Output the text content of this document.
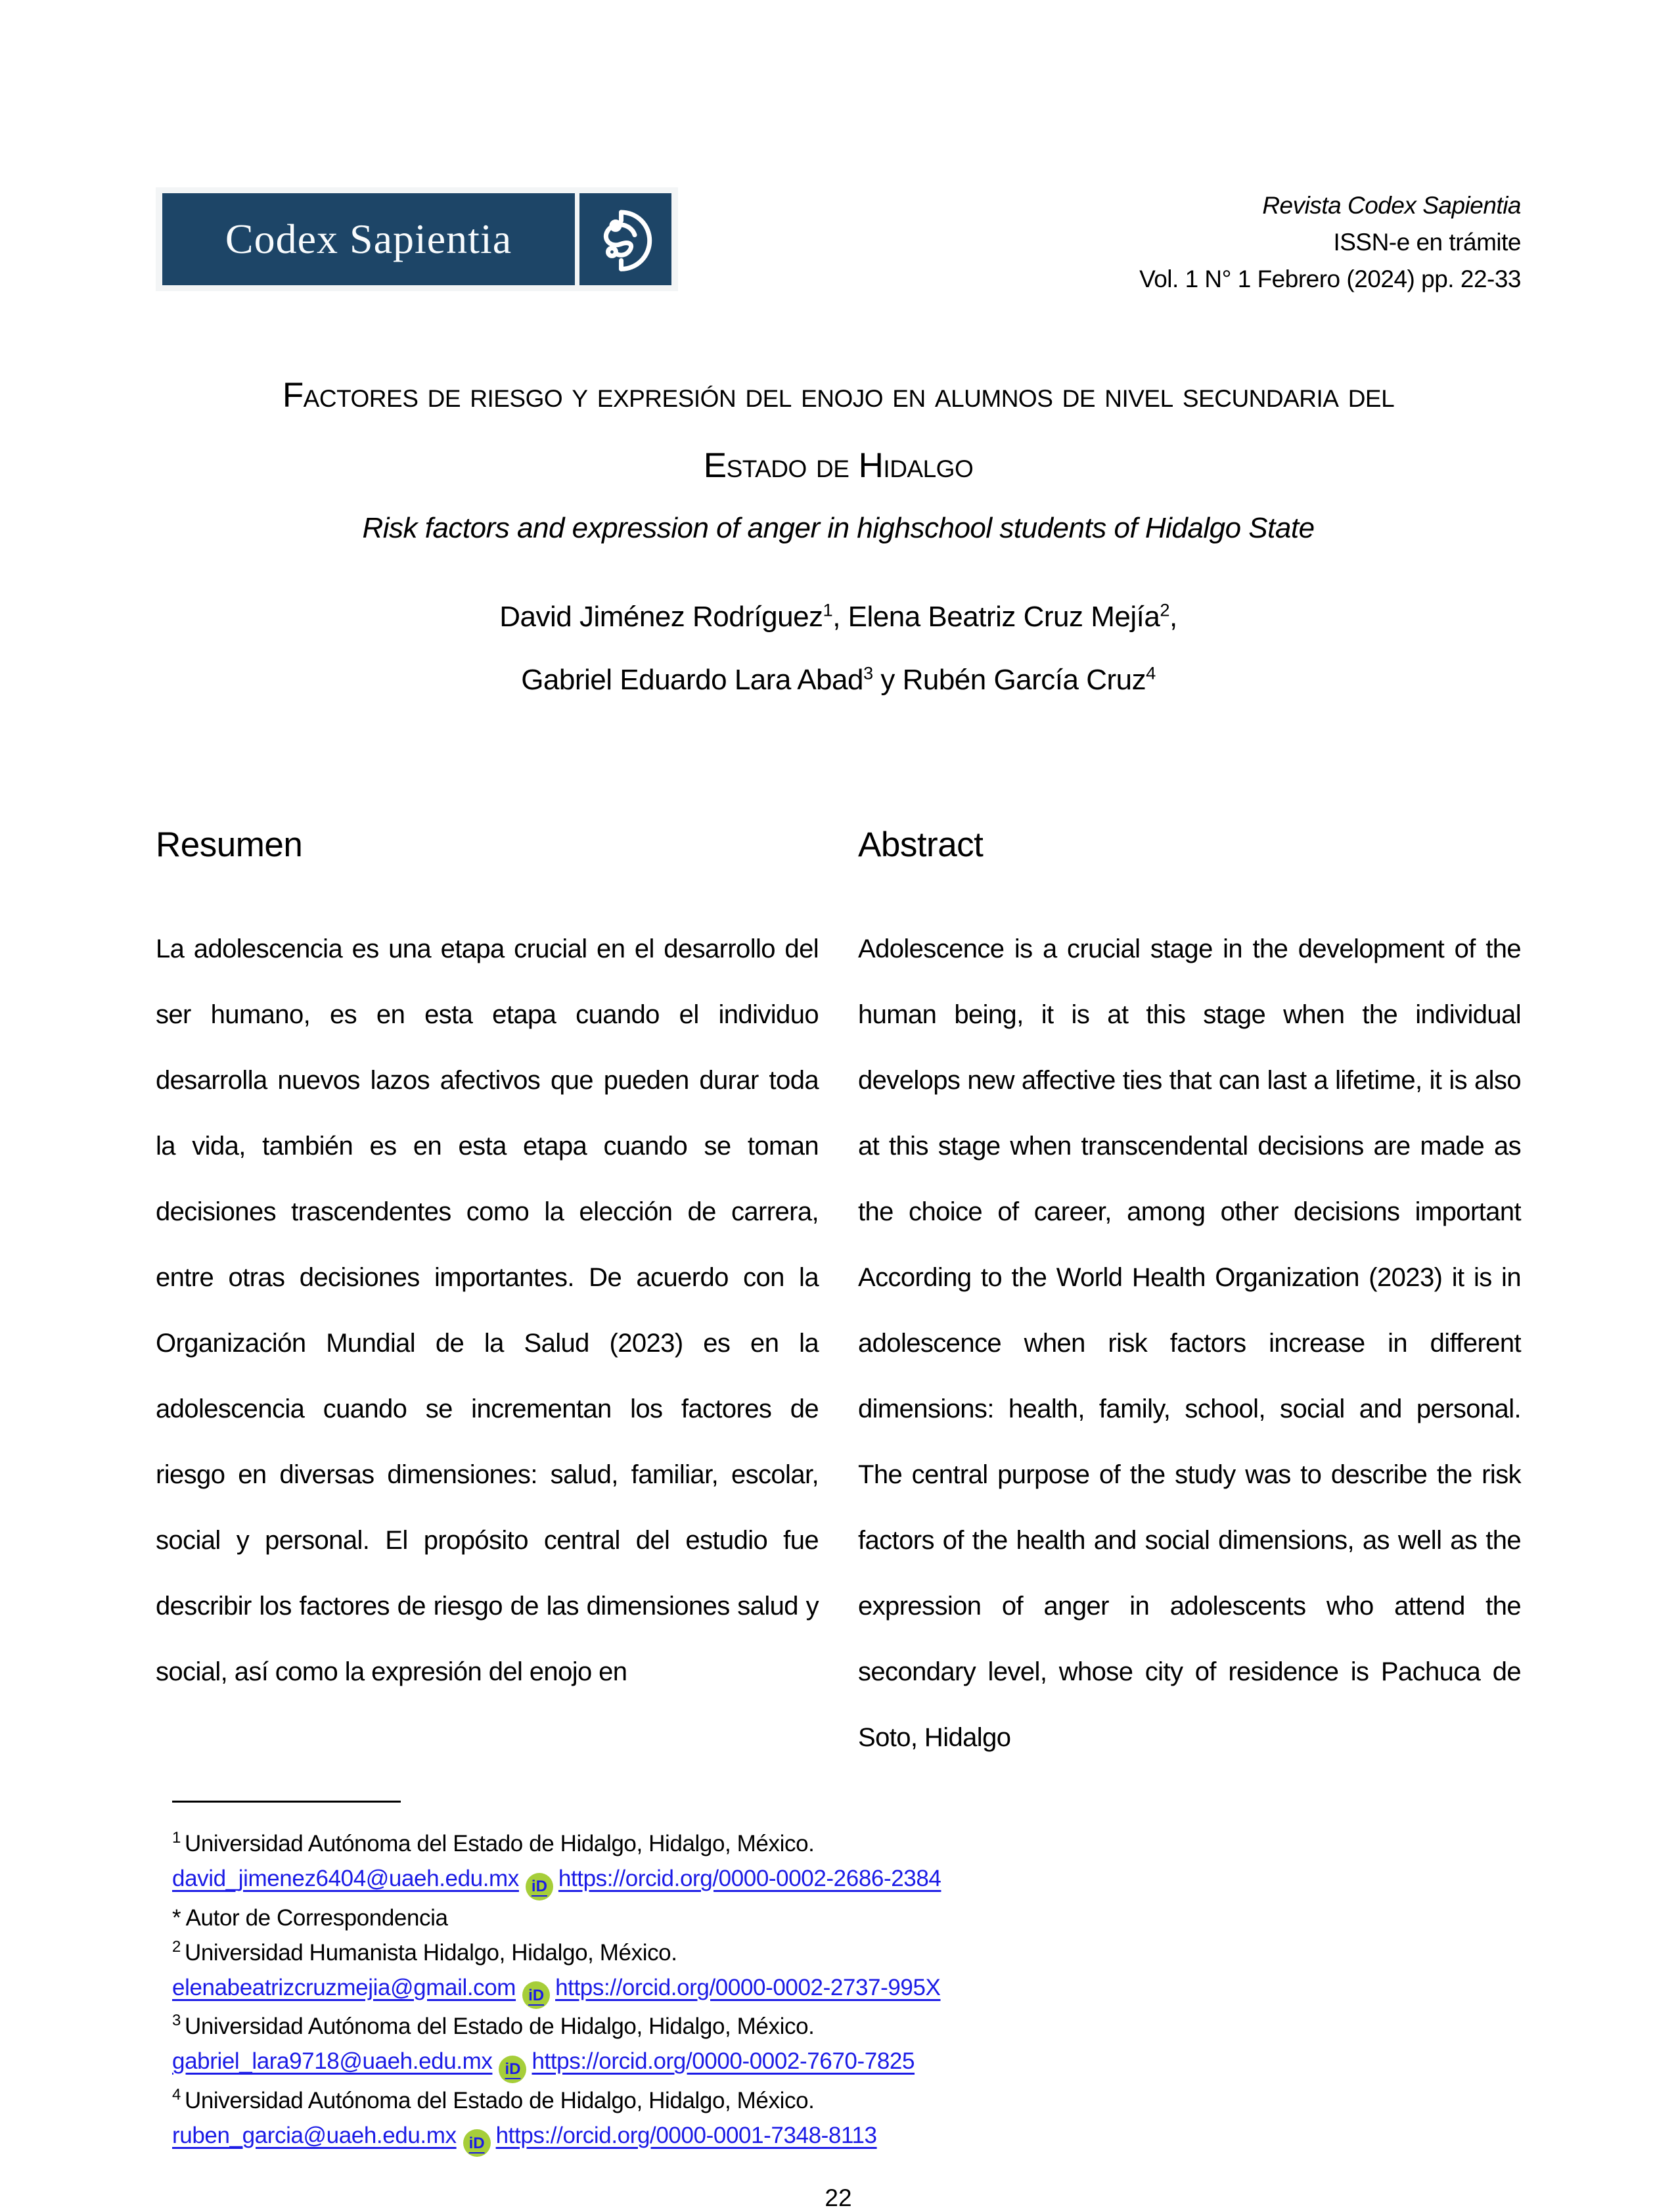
Codex Sapientia
Revista Codex Sapientia
ISSN-e en trámite
Vol. 1 N° 1 Febrero (2024) pp. 22-33
Factores de riesgo y expresión del enojo en alumnos de nivel secundaria del
Estado de Hidalgo
Risk factors and expression of anger in highschool students of Hidalgo State
David Jiménez Rodríguez$^1$, Elena Beatriz Cruz Mejía$^2$,
Gabriel Eduardo Lara Abad$^3$ y Rubén García Cruz$^4$
Resumen

La adolescencia es una etapa crucial en el desarrollo del ser humano, es en esta etapa cuando el individuo desarrolla nuevos lazos afectivos que pueden durar toda la vida, también es en esta etapa cuando se toman decisiones trascendentes como la elección de carrera, entre otras decisiones importantes. De acuerdo con la Organización Mundial de la Salud (2023) es en la adolescencia cuando se incrementan los factores de riesgo en diversas dimensiones: salud, familiar, escolar, social y personal. El propósito central del estudio fue describir los factores de riesgo de las dimensiones salud y social, así como la expresión del enojo en

Abstract

Adolescence is a crucial stage in the development of the human being, it is at this stage when the individual develops new affective ties that can last a lifetime, it is also at this stage when transcendental decisions are made as the choice of career, among other decisions important According to the World Health Organization (2023) it is in adolescence when risk factors increase in different dimensions: health, family, school, social and personal. The central purpose of the study was to describe the risk factors of the health and social dimensions, as well as the expression of anger in adolescents who attend the secondary level, whose city of residence is Pachuca de Soto, Hidalgo

$^1$ Universidad Autónoma del Estado de Hidalgo, Hidalgo, México.
david_jimenez6404@uaeh.edu.mx iD https://orcid.org/0000-0002-2686-2384
* Autor de Correspondencia
$^2$ Universidad Humanista Hidalgo, Hidalgo, México.
elenabeatrizcruzmejia@gmail.com iD https://orcid.org/0000-0002-2737-995X
$^3$ Universidad Autónoma del Estado de Hidalgo, Hidalgo, México.
gabriel_lara9718@uaeh.edu.mx iD https://orcid.org/0000-0002-7670-7825
$^4$ Universidad Autónoma del Estado de Hidalgo, Hidalgo, México.
ruben_garcia@uaeh.edu.mx iD https://orcid.org/0000-0001-7348-8113
22
